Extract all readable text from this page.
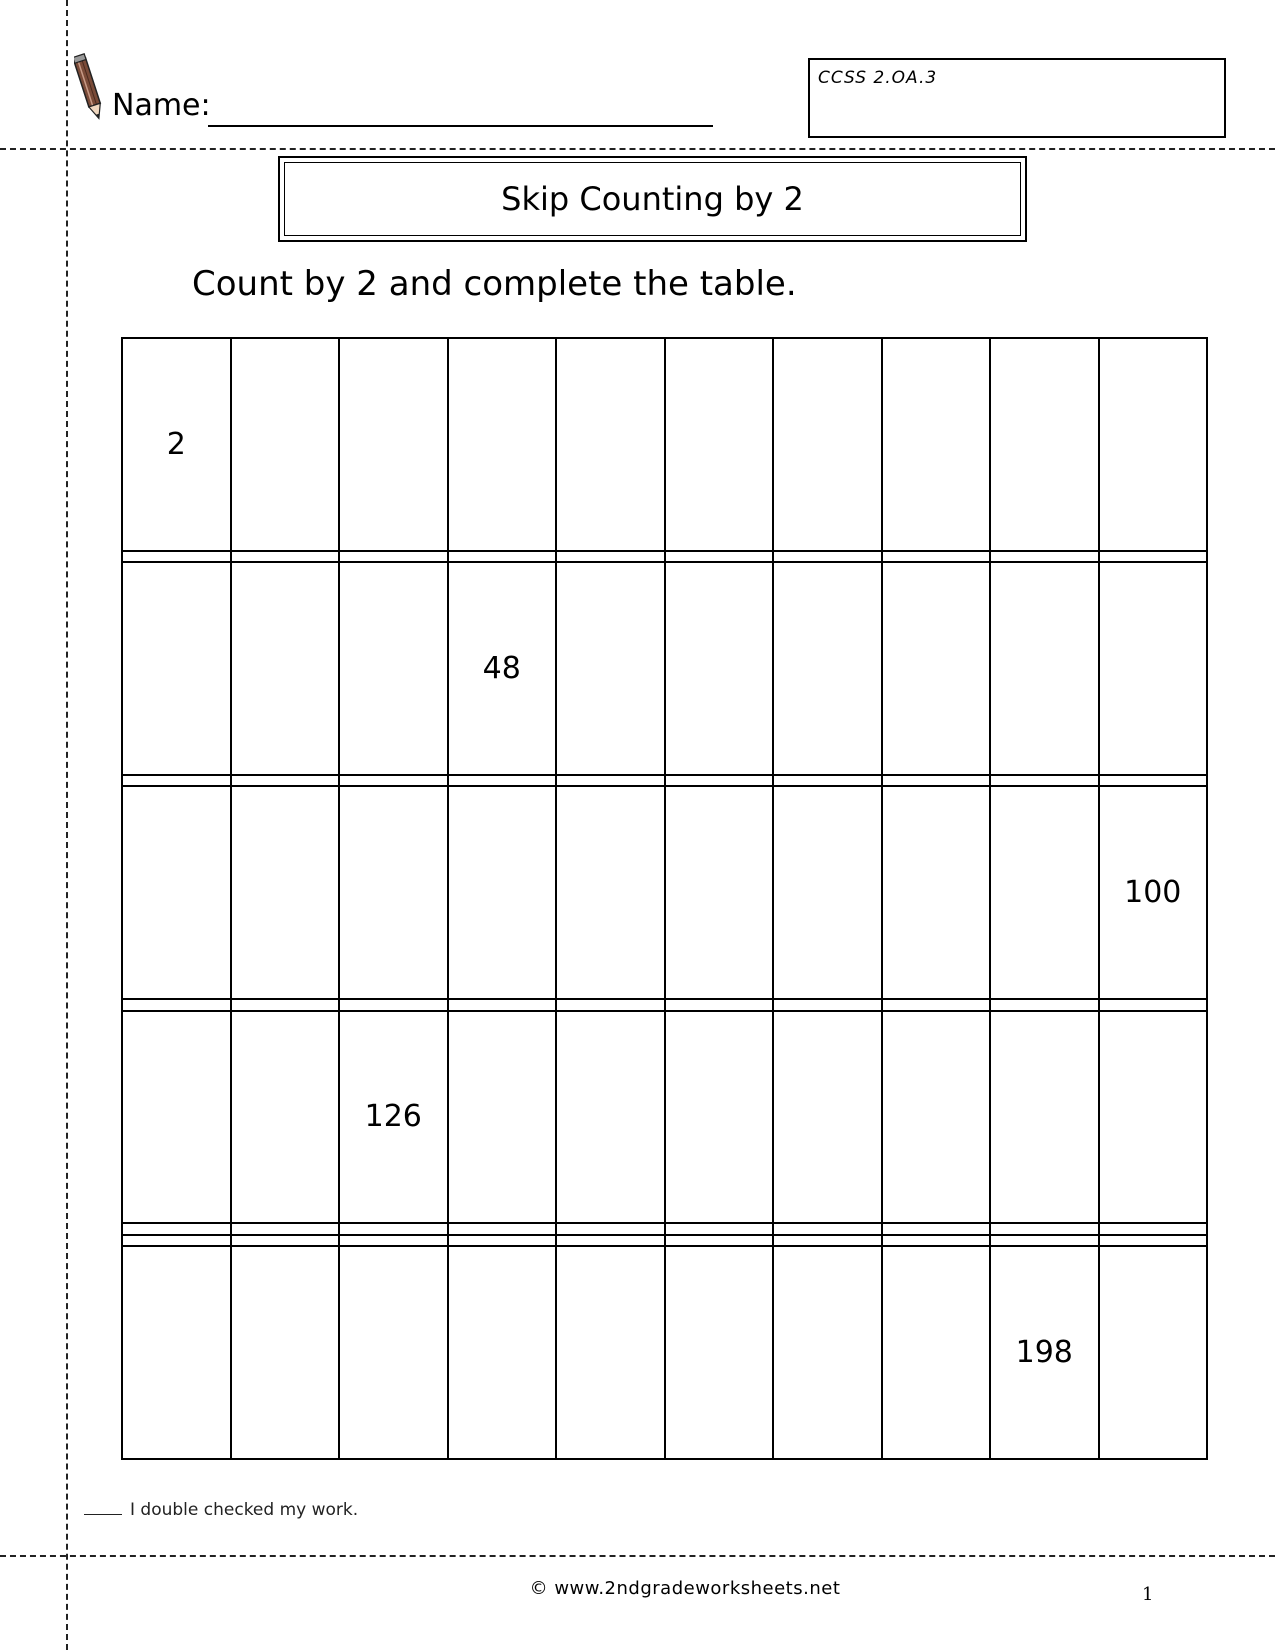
Name:
CCSS 2.OA.3
Skip Counting by 2
Count by 2 and complete the table.
2									

			48						

									100

		126							

								198	
I double checked my work.
© www.2ndgradeworksheets.net	1
